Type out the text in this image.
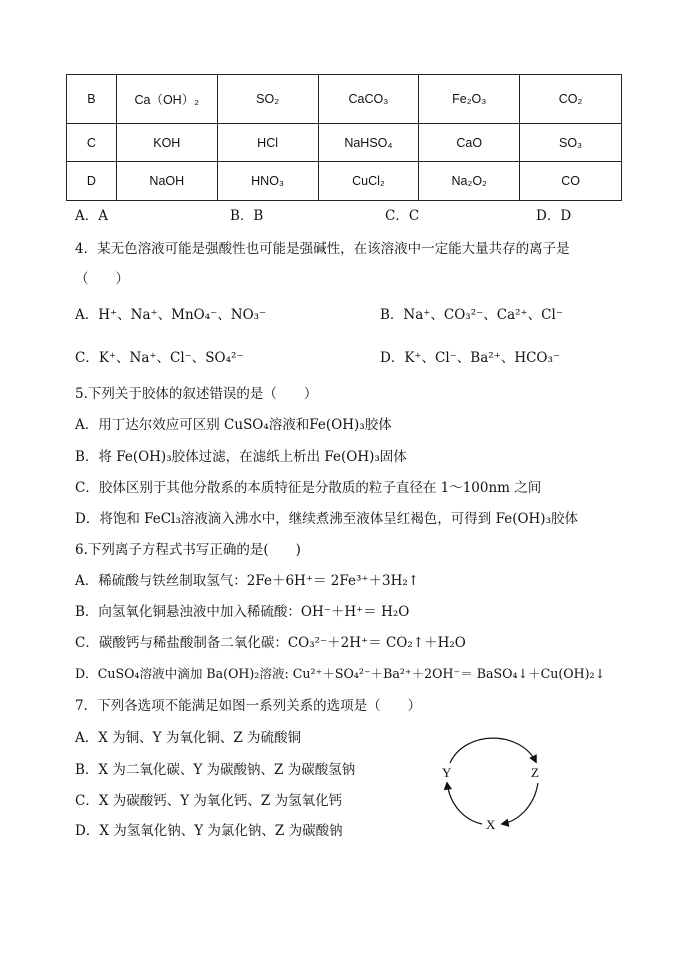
B	Ca（OH）₂	SO₂	CaCO₃	Fe₂O₃	CO₂
C	KOH	HCl	NaHSO₄	CaO	SO₃
D	NaOH	HNO₃	CuCl₂	Na₂O₂	CO
A．A	B．B	C．C	D．D
4．某无色溶液可能是强酸性也可能是强碱性，在该溶液中一定能大量共存的离子是
（　　）
A．H⁺、Na⁺、MnO₄⁻、NO₃⁻	B．Na⁺、CO₃²⁻、Ca²⁺、Cl⁻
C．K⁺、Na⁺、Cl⁻、SO₄²⁻	D．K⁺、Cl⁻、Ba²⁺、HCO₃⁻
5.下列关于胶体的叙述错误的是（　　）
A．用丁达尔效应可区别 CuSO₄溶液和Fe(OH)₃胶体
B．将 Fe(OH)₃胶体过滤，在滤纸上析出 Fe(OH)₃固体
C．胶体区别于其他分散系的本质特征是分散质的粒子直径在 1～100nm 之间
D．将饱和 FeCl₃溶液滴入沸水中，继续煮沸至液体呈红褐色，可得到 Fe(OH)₃胶体
6.下列离子方程式书写正确的是(　　)
A．稀硫酸与铁丝制取氢气：2Fe＋6H⁺＝ 2Fe³⁺＋3H₂↑
B．向氢氧化铜悬浊液中加入稀硫酸：OH⁻＋H⁺＝ H₂O
C．碳酸钙与稀盐酸制备二氧化碳：CO₃²⁻＋2H⁺＝ CO₂↑＋H₂O
D．CuSO₄溶液中滴加 Ba(OH)₂溶液: Cu²⁺＋SO₄²⁻＋Ba²⁺＋2OH⁻＝ BaSO₄↓＋Cu(OH)₂↓
7．下列各选项不能满足如图一系列关系的选项是（　　）
A．X 为铜、Y 为氧化铜、Z 为硫酸铜
B．X 为二氧化碳、Y 为碳酸钠、Z 为碳酸氢钠
C．X 为碳酸钙、Y 为氧化钙、Z 为氢氧化钙
D．X 为氢氧化钠、Y 为氯化钠、Z 为碳酸钠
Y	Z
X
